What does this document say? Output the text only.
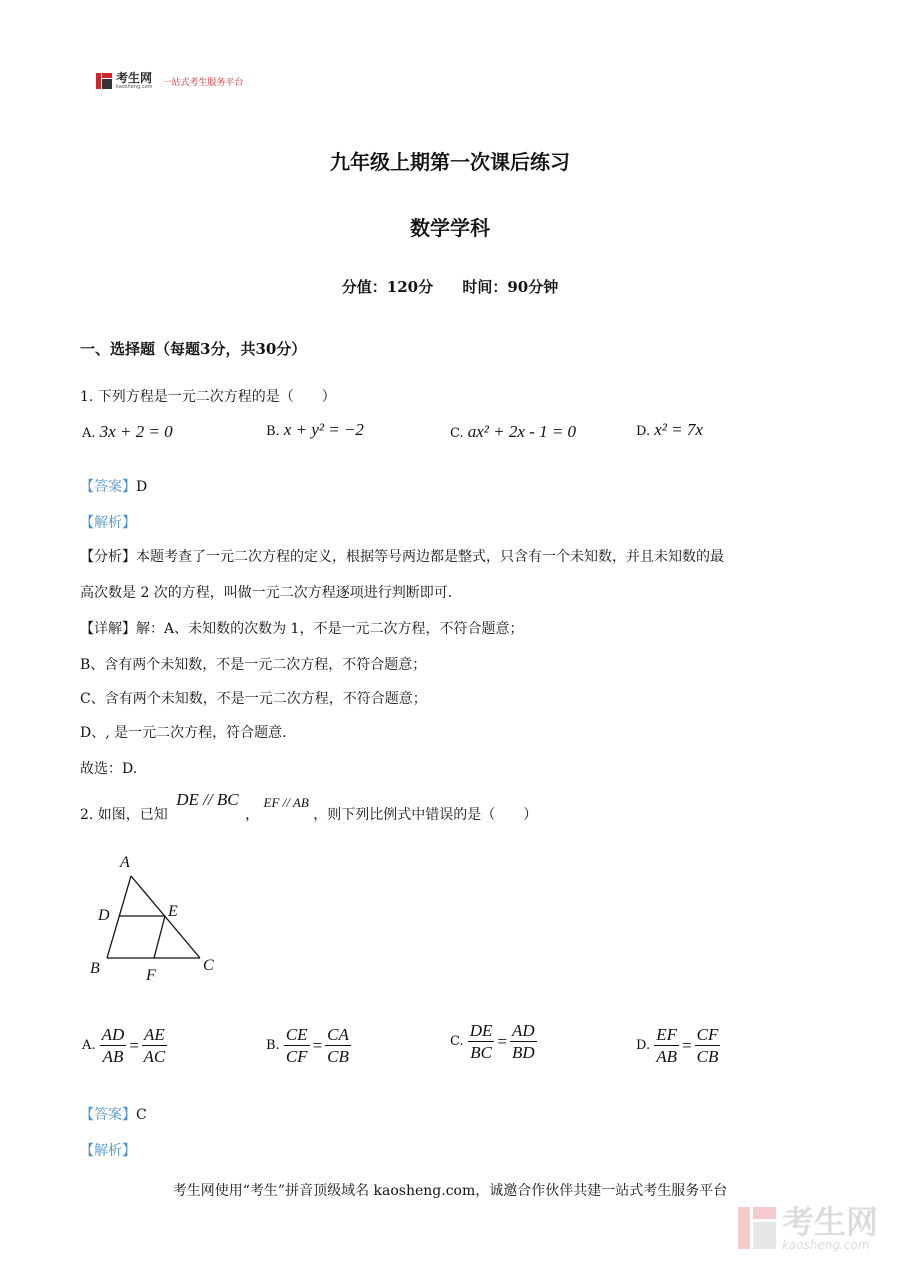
考生网
kaosheng.com 一站式考生服务平台
九年级上期第一次课后练习
数学学科
分值：120分 时间：90分钟
一、选择题（每题3分，共30分）
1. 下列方程是一元二次方程的是（　　）
A. 3x + 2 = 0	B. x + y² = −2	C. ax² + 2x - 1 = 0	D. x² = 7x
【答案】D
【解析】
【分析】本题考查了一元二次方程的定义，根据等号两边都是整式，只含有一个未知数，并且未知数的最
高次数是 2 次的方程，叫做一元二次方程逐项进行判断即可.
【详解】解：A、未知数的次数为 1，不是一元二次方程，不符合题意；
B、含有两个未知数，不是一元二次方程，不符合题意；
C、含有两个未知数，不是一元二次方程，不符合题意；
D、, 是一元二次方程，符合题意.
故选：D.
2. 如图，已知 DE // BC ， EF // AB ，则下列比例式中错误的是（　　）
A
D	E
B	F
C
A. $\frac{AD}{AB} = \frac{AE}{AC}$	B. $\frac{CE}{CF} = \frac{CA}{CB}$	C. $\frac{DE}{BC} = \frac{AD}{BD}$	D. $\frac{EF}{AB} = \frac{CF}{CB}$
【答案】C
【解析】
考生网使用“考生”拼音顶级域名 kaosheng.com，诚邀合作伙伴共建一站式考生服务平台
考生网
kaosheng.com
